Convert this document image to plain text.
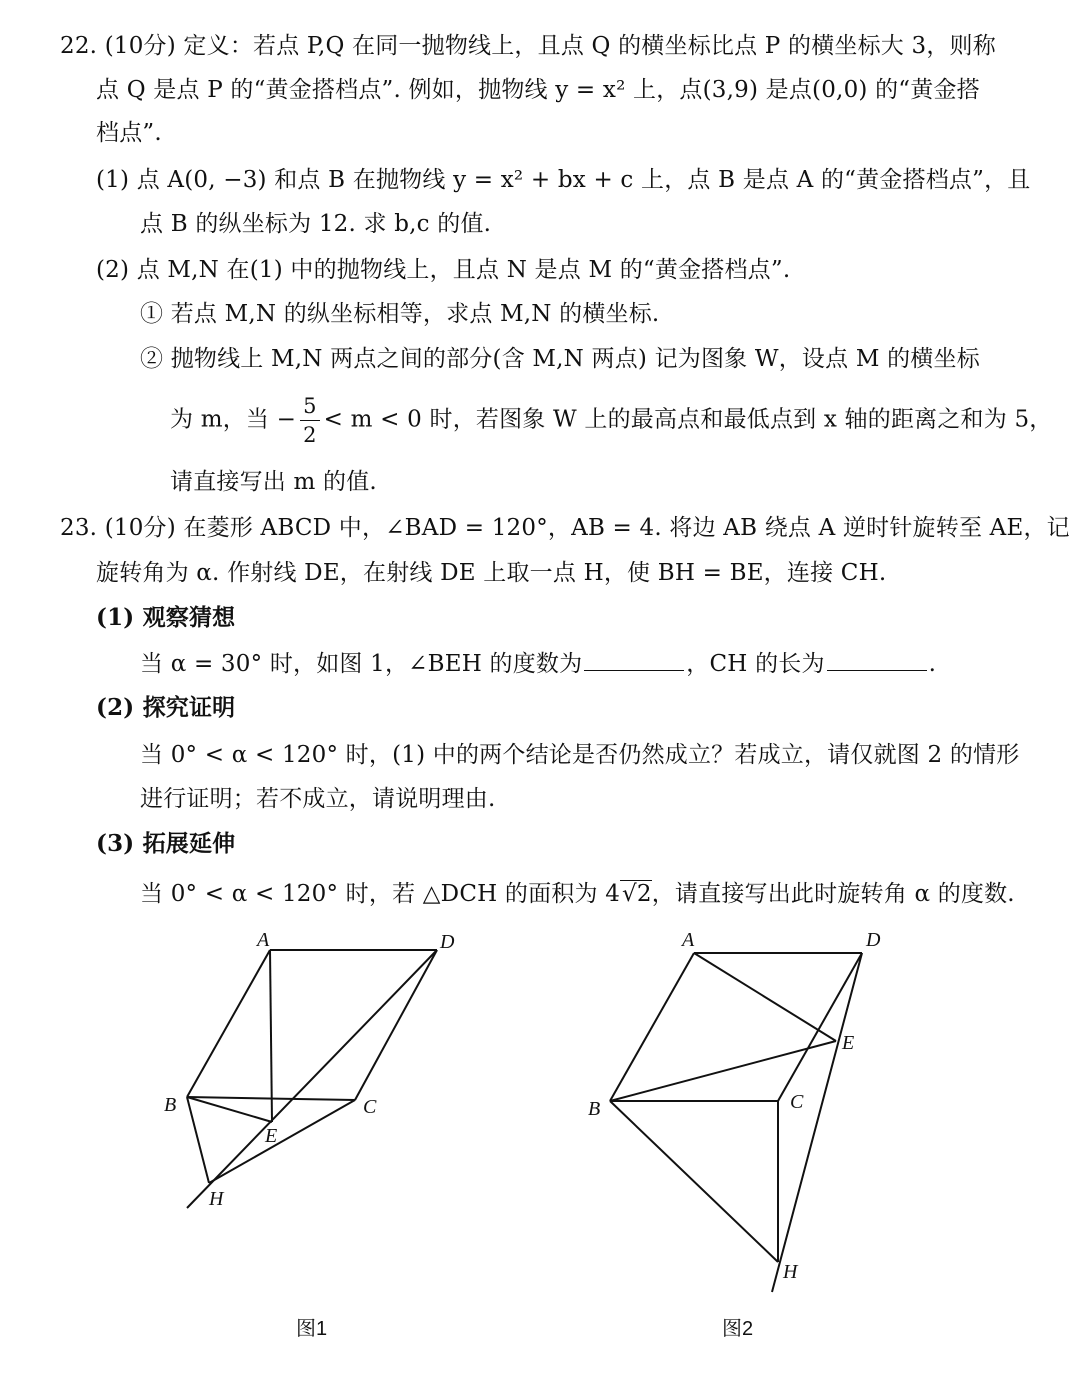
22. (10分) 定义：若点 P,Q 在同一抛物线上，且点 Q 的横坐标比点 P 的横坐标大 3，则称
点 Q 是点 P 的“黄金搭档点”. 例如，抛物线 y = x² 上，点(3,9) 是点(0,0) 的“黄金搭
档点”.
(1) 点 A(0, −3) 和点 B 在抛物线 y = x² + bx + c 上，点 B 是点 A 的“黄金搭档点”，且
点 B 的纵坐标为 12. 求 b,c 的值.
(2) 点 M,N 在(1) 中的抛物线上，且点 N 是点 M 的“黄金搭档点”.
① 若点 M,N 的纵坐标相等，求点 M,N 的横坐标.
② 抛物线上 M,N 两点之间的部分(含 M,N 两点) 记为图象 W，设点 M 的横坐标
为 m，当 − $\frac{5}{2} < m < 0$ 时，若图象 W 上的最高点和最低点到 x 轴的距离之和为 5，
请直接写出 m 的值.
23. (10分) 在菱形 ABCD 中，∠BAD = 120°，AB = 4. 将边 AB 绕点 A 逆时针旋转至 AE，记
旋转角为 α. 作射线 DE，在射线 DE 上取一点 H，使 BH = BE，连接 CH.
(1) 观察猜想
当 α = 30° 时，如图 1，∠BEH 的度数为	，CH 的长为	.
(2) 探究证明
当 0° < α < 120° 时，(1) 中的两个结论是否仍然成立？若成立，请仅就图 2 的情形
进行证明；若不成立，请说明理由.
(3) 拓展延伸
当 0° < α < 120° 时，若 △DCH 的面积为 4√2，请直接写出此时旋转角 α 的度数.
A	D
B	C
E
H
A	D
B	C
E
H
图1	图2
